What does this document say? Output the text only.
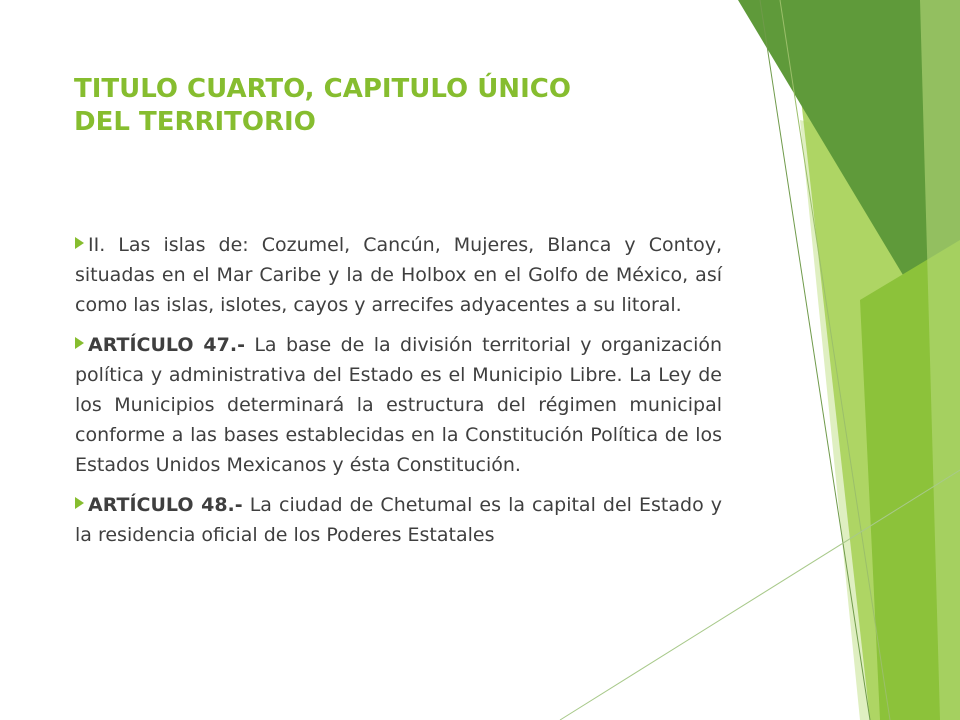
TITULO CUARTO, CAPITULO ÚNICO
DEL TERRITORIO

II. Las islas de: Cozumel, Cancún, Mujeres, Blanca y Contoy, situadas en el Mar Caribe y la de Holbox en el Golfo de México, así como las islas, islotes, cayos y arrecifes adyacentes a su litoral.

ARTÍCULO 47.- La base de la división territorial y organización política y administrativa del Estado es el Municipio Libre. La Ley de los Municipios determinará la estructura del régimen municipal conforme a las bases establecidas en la Constitución Política de los Estados Unidos Mexicanos y ésta Constitución.

ARTÍCULO 48.- La ciudad de Chetumal es la capital del Estado y la residencia oficial de los Poderes Estatales
